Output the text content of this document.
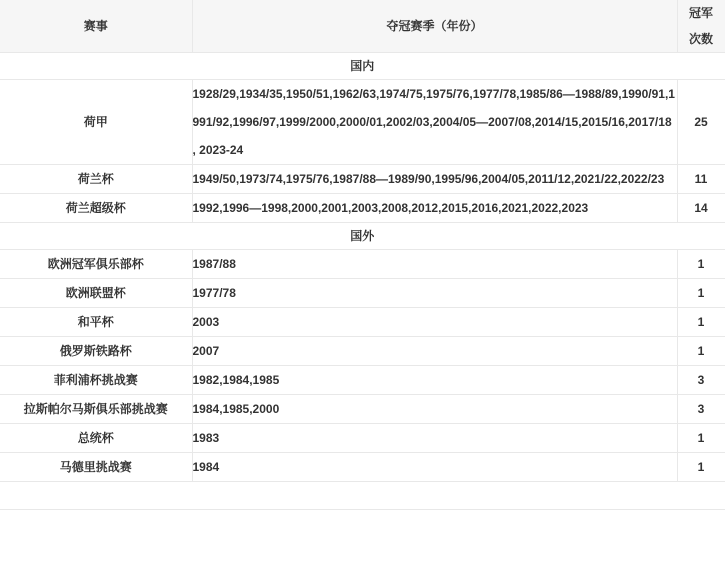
赛事	夺冠赛季（年份）	冠军次数
国内		
荷甲	1928/29,1934/35,1950/51,1962/63,1974/75,1975/76,1977/78,1985/86—1988/89,1990/91,1991/92,1996/97,1999/2000,2000/01,2002/03,2004/05—2007/08,2014/15,2015/16,2017/18 , 2023-24	25
荷兰杯	1949/50,1973/74,1975/76,1987/88—1989/90,1995/96,2004/05,2011/12,2021/22,2022/23	11
荷兰超级杯	1992,1996—1998,2000,2001,2003,2008,2012,2015,2016,2021,2022,2023	14
国外		
欧洲冠军俱乐部杯	1987/88	1
欧洲联盟杯	1977/78	1
和平杯	2003	1
俄罗斯铁路杯	2007	1
菲利浦杯挑战赛	1982,1984,1985	3
拉斯帕尔马斯俱乐部挑战赛	1984,1985,2000	3
总统杯	1983	1
马德里挑战赛	1984	1
